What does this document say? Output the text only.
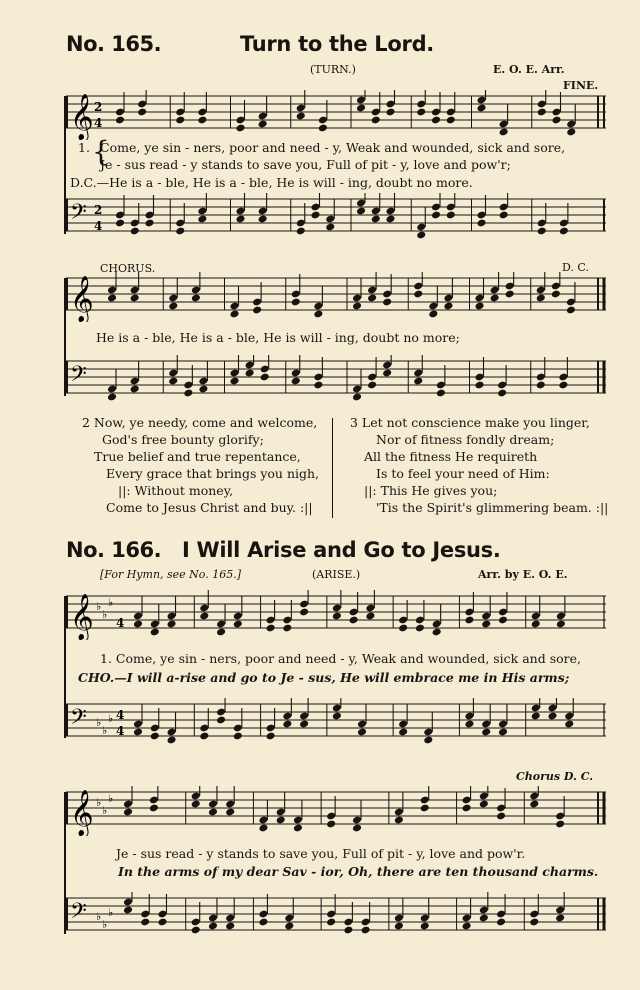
No. 165.	Turn to the Lord.
(TURN.)	E. O. E. Arr.
FINE.
𝄞 2
4
𝄢 2
4
1. {
Come, ye sin - ners, poor and need - y, Weak and wounded, sick and sore,
Je - sus read - y stands to save you, Full of pit - y, love and pow'r;
D.C.—He is a - ble, He is a - ble, He is will - ing, doubt no more.
CHORUS.	D. C.
𝄞
He is a - ble, He is a - ble, He is will - ing, doubt no more;
𝄢
2 Now, ye needy, come and welcome,
God's free bounty glorify;
True belief and true repentance,
Every grace that brings you nigh,
||: Without money,
Come to Jesus Christ and buy. :||
3 Let not conscience make you linger,
Nor of fitness fondly dream;
All the fitness He requireth
Is to feel your need of Him:
||: This He gives you;
'Tis the Spirit's glimmering beam. :||
No. 166. I Will Arise and Go to Jesus.
[For Hymn, see No. 165.]	(ARISE.)	Arr. by E. O. E.
𝄞 ♭
♭
♭
4
1. Come, ye sin - ners, poor and need - y, Weak and wounded, sick and sore,
CHO.—I will a-rise and go to Je - sus, He will embrace me in His arms;
𝄢 ♭
♭
♭ 4
4
Chorus D. C.
𝄞 ♭
♭
♭
Je - sus read - y stands to save you, Full of pit - y, love and pow'r.
In the arms of my dear Sav - ior, Oh, there are ten thousand charms.
𝄢 ♭
♭
♭
